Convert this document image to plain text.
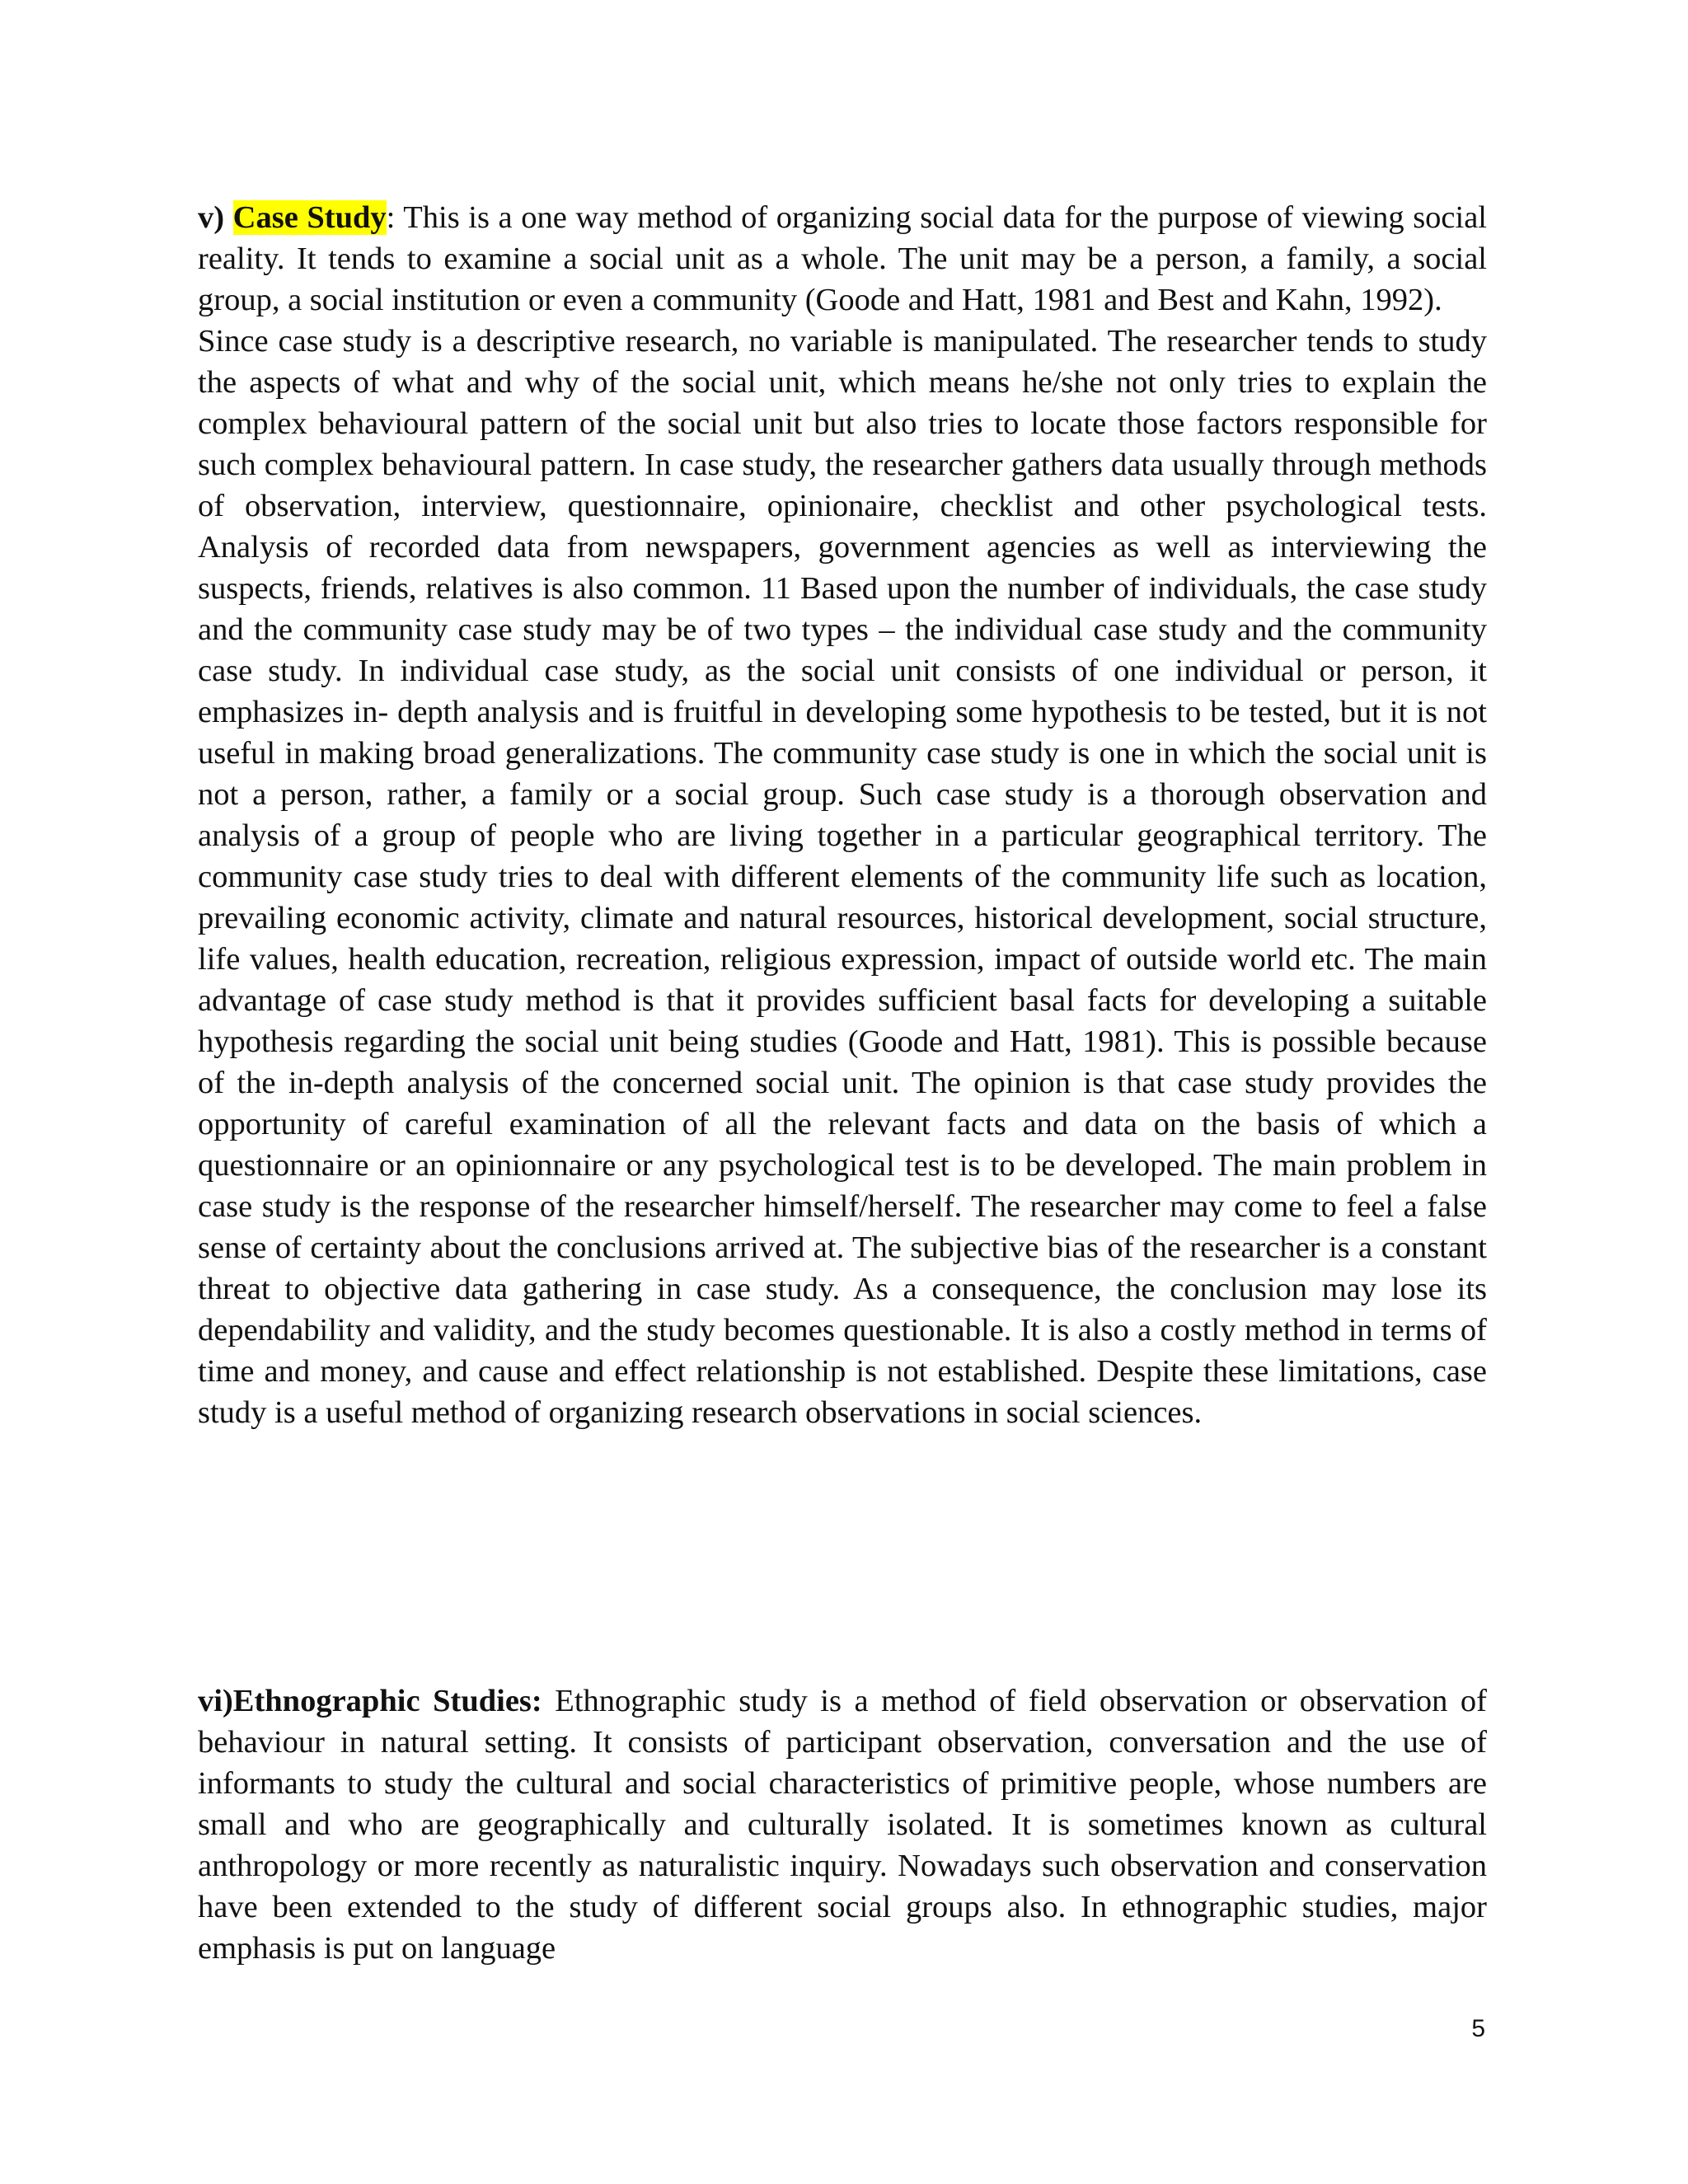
v) Case Study: This is a one way method of organizing social data for the purpose of viewing social reality. It tends to examine a social unit as a whole. The unit may be a person, a family, a social group, a social institution or even a community (Goode and Hatt, 1981 and Best and Kahn, 1992).

Since case study is a descriptive research, no variable is manipulated. The researcher tends to study the aspects of what and why of the social unit, which means he/she not only tries to explain the complex behavioural pattern of the social unit but also tries to locate those factors responsible for such complex behavioural pattern. In case study, the researcher gathers data usually through methods of observation, interview, questionnaire, opinionaire, checklist and other psychological tests. Analysis of recorded data from newspapers, government agencies as well as interviewing the suspects, friends, relatives is also common. 11 Based upon the number of individuals, the case study and the community case study may be of two types – the individual case study and the community case study. In individual case study, as the social unit consists of one individual or person, it emphasizes in- depth analysis and is fruitful in developing some hypothesis to be tested, but it is not useful in making broad generalizations. The community case study is one in which the social unit is not a person, rather, a family or a social group. Such case study is a thorough observation and analysis of a group of people who are living together in a particular geographical territory. The community case study tries to deal with different elements of the community life such as location, prevailing economic activity, climate and natural resources, historical development, social structure, life values, health education, recreation, religious expression, impact of outside world etc. The main advantage of case study method is that it provides sufficient basal facts for developing a suitable hypothesis regarding the social unit being studies (Goode and Hatt, 1981). This is possible because of the in-depth analysis of the concerned social unit. The opinion is that case study provides the opportunity of careful examination of all the relevant facts and data on the basis of which a questionnaire or an opinionnaire or any psychological test is to be developed. The main problem in case study is the response of the researcher himself/herself. The researcher may come to feel a false sense of certainty about the conclusions arrived at. The subjective bias of the researcher is a constant threat to objective data gathering in case study. As a consequence, the conclusion may lose its dependability and validity, and the study becomes questionable. It is also a costly method in terms of time and money, and cause and effect relationship is not established. Despite these limitations, case study is a useful method of organizing research observations in social sciences.

vi)Ethnographic Studies: Ethnographic study is a method of field observation or observation of behaviour in natural setting. It consists of participant observation, conversation and the use of informants to study the cultural and social characteristics of primitive people, whose numbers are small and who are geographically and culturally isolated. It is sometimes known as cultural anthropology or more recently as naturalistic inquiry. Nowadays such observation and conservation have been extended to the study of different social groups also. In ethnographic studies, major emphasis is put on language

5
